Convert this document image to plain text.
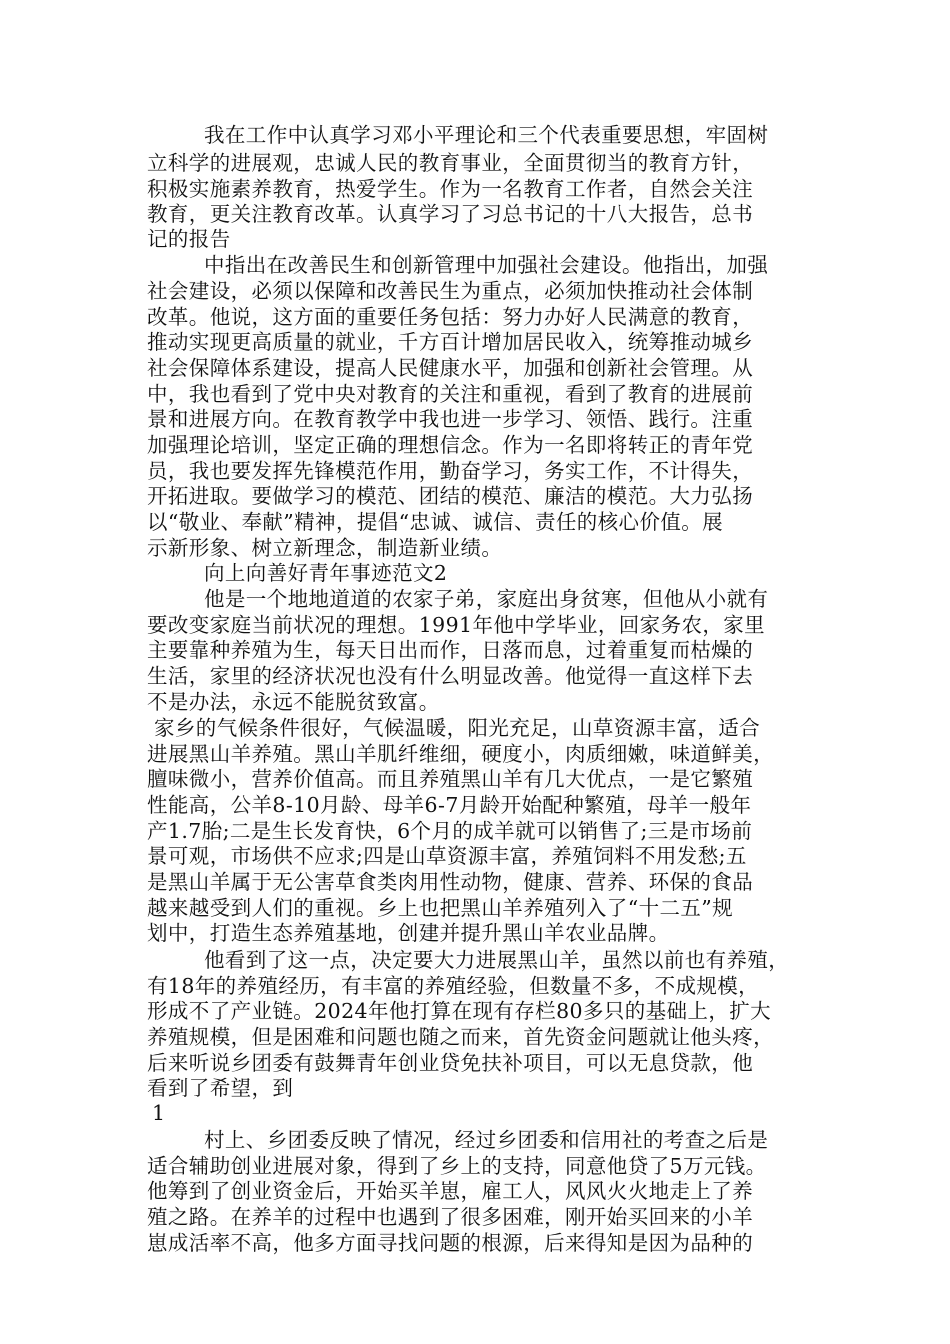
我在工作中认真学习邓小平理论和三个代表重要思想，牢固树
立科学的进展观，忠诚人民的教育事业，全面贯彻当的教育方针，
积极实施素养教育，热爱学生。作为一名教育工作者，自然会关注
教育，更关注教育改革。认真学习了习总书记的十八大报告，总书
记的报告
中指出在改善民生和创新管理中加强社会建设。他指出，加强
社会建设，必须以保障和改善民生为重点，必须加快推动社会体制
改革。他说，这方面的重要任务包括：努力办好人民满意的教育，
推动实现更高质量的就业，千方百计增加居民收入，统筹推动城乡
社会保障体系建设，提高人民健康水平，加强和创新社会管理。从
中，我也看到了党中央对教育的关注和重视，看到了教育的进展前
景和进展方向。在教育教学中我也进一步学习、领悟、践行。注重
加强理论培训，坚定正确的理想信念。作为一名即将转正的青年党
员，我也要发挥先锋模范作用，勤奋学习，务实工作，不计得失，
开拓进取。要做学习的模范、团结的模范、廉洁的模范。大力弘扬
以“敬业、奉献”精神，提倡“忠诚、诚信、责任的核心价值。展
示新形象、树立新理念，制造新业绩。
向上向善好青年事迹范文2
他是一个地地道道的农家子弟，家庭出身贫寒，但他从小就有
要改变家庭当前状况的理想。1991年他中学毕业，回家务农，家里
主要靠种养殖为生，每天日出而作，日落而息，过着重复而枯燥的
生活，家里的经济状况也没有什么明显改善。他觉得一直这样下去
不是办法，永远不能脱贫致富。
家乡的气候条件很好，气候温暖，阳光充足，山草资源丰富，适合
进展黑山羊养殖。黑山羊肌纤维细，硬度小，肉质细嫩，味道鲜美，
膻味微小，营养价值高。而且养殖黑山羊有几大优点，一是它繁殖
性能高，公羊8-10月龄、母羊6-7月龄开始配种繁殖，母羊一般年
产1.7胎;二是生长发育快，6个月的成羊就可以销售了;三是市场前
景可观，市场供不应求;四是山草资源丰富，养殖饲料不用发愁;五
是黑山羊属于无公害草食类肉用性动物，健康、营养、环保的食品
越来越受到人们的重视。乡上也把黑山羊养殖列入了“十二五”规
划中，打造生态养殖基地，创建并提升黑山羊农业品牌。
他看到了这一点，决定要大力进展黑山羊，虽然以前也有养殖，
有18年的养殖经历，有丰富的养殖经验，但数量不多，不成规模，
形成不了产业链。2024年他打算在现有存栏80多只的基础上，扩大
养殖规模，但是困难和问题也随之而来，首先资金问题就让他头疼，
后来听说乡团委有鼓舞青年创业贷免扶补项目，可以无息贷款，他
看到了希望，到
1
村上、乡团委反映了情况，经过乡团委和信用社的考查之后是
适合辅助创业进展对象，得到了乡上的支持，同意他贷了5万元钱。
他筹到了创业资金后，开始买羊崽，雇工人，风风火火地走上了养
殖之路。在养羊的过程中也遇到了很多困难，刚开始买回来的小羊
崽成活率不高，他多方面寻找问题的根源，后来得知是因为品种的
